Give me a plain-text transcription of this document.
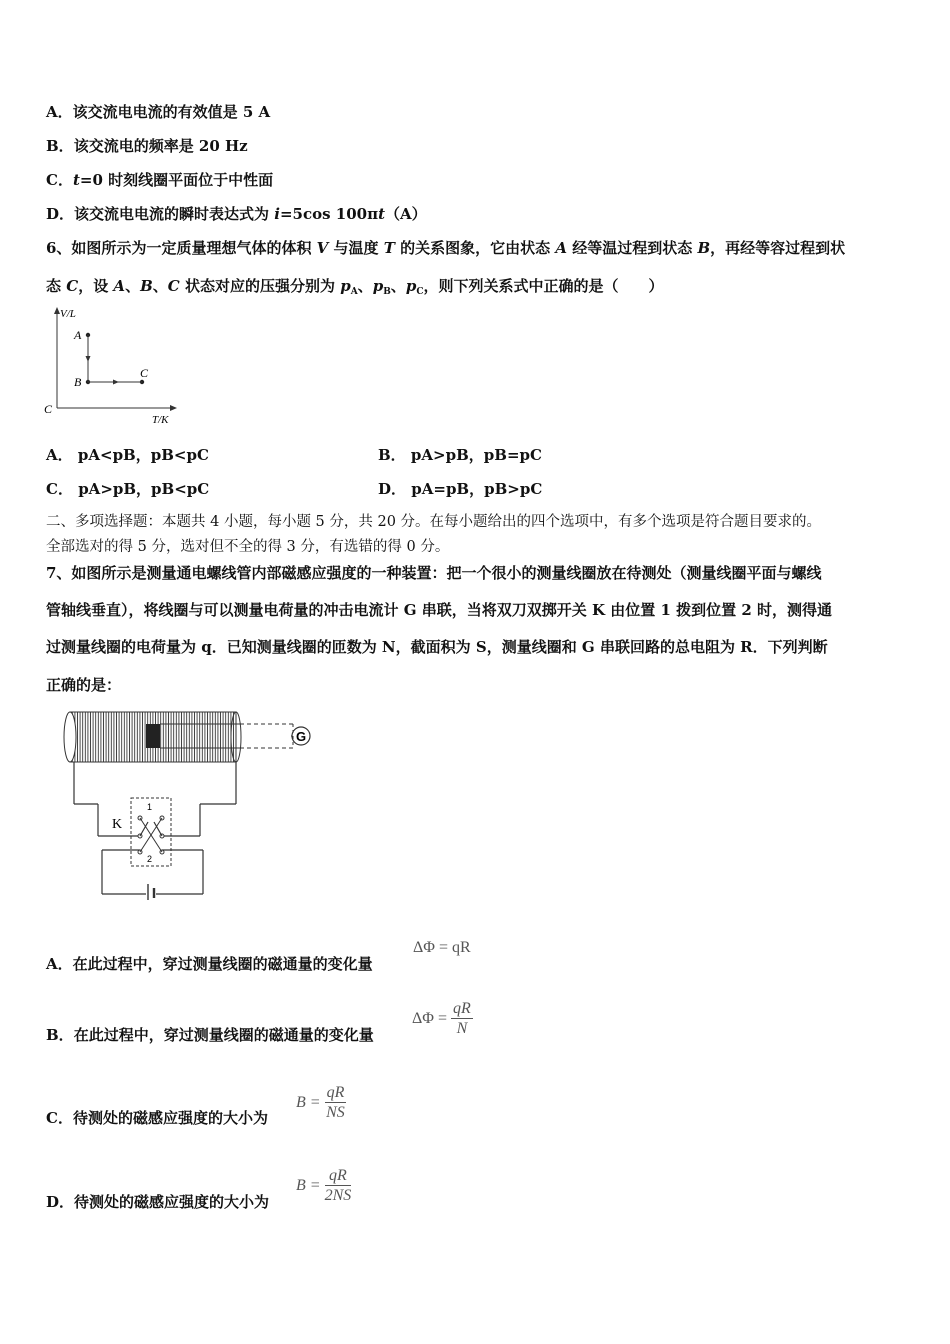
A．该交流电电流的有效值是 5 A
B．该交流电的频率是 20 Hz
C．t=0 时刻线圈平面位于中性面
D．该交流电电流的瞬时表达式为 i=5cos 100πt（A）
6、如图所示为一定质量理想气体的体积 V 与温度 T 的关系图象，它由状态 A 经等温过程到状态 B，再经等容过程到状
态 C，设 A、B、C 状态对应的压强分别为 $p_A$、$p_B$、$p_C$，则下列关系式中正确的是（　　）
V/L
T/K
C
A
B
C
A． pA<pB，pB<pC	B． pA>pB，pB=pC
C． pA>pB，pB<pC	D． pA=pB，pB>pC
二、多项选择题：本题共 4 小题，每小题 5 分，共 20 分。在每小题给出的四个选项中，有多个选项是符合题目要求的。
全部选对的得 5 分，选对但不全的得 3 分，有选错的得 0 分。
7、如图所示是测量通电螺线管内部磁感应强度的一种装置：把一个很小的测量线圈放在待测处（测量线圈平面与螺线
管轴线垂直），将线圈与可以测量电荷量的冲击电流计 G 串联，当将双刀双掷开关 K 由位置 1 拨到位置 2 时，测得通
过测量线圈的电荷量为 q．已知测量线圈的匝数为 N，截面积为 S，测量线圈和 G 串联回路的总电阻为 R．下列判断
正确的是：
G
K
1
2
A．在此过程中，穿过测量线圈的磁通量的变化量
ΔΦ = qR
B．在此过程中，穿过测量线圈的磁通量的变化量
$\Delta\Phi = \frac{qR}{N}$
C．待测处的磁感应强度的大小为
$B = \frac{qR}{NS}$
D．待测处的磁感应强度的大小为
$B = \frac{qR}{2NS}$
